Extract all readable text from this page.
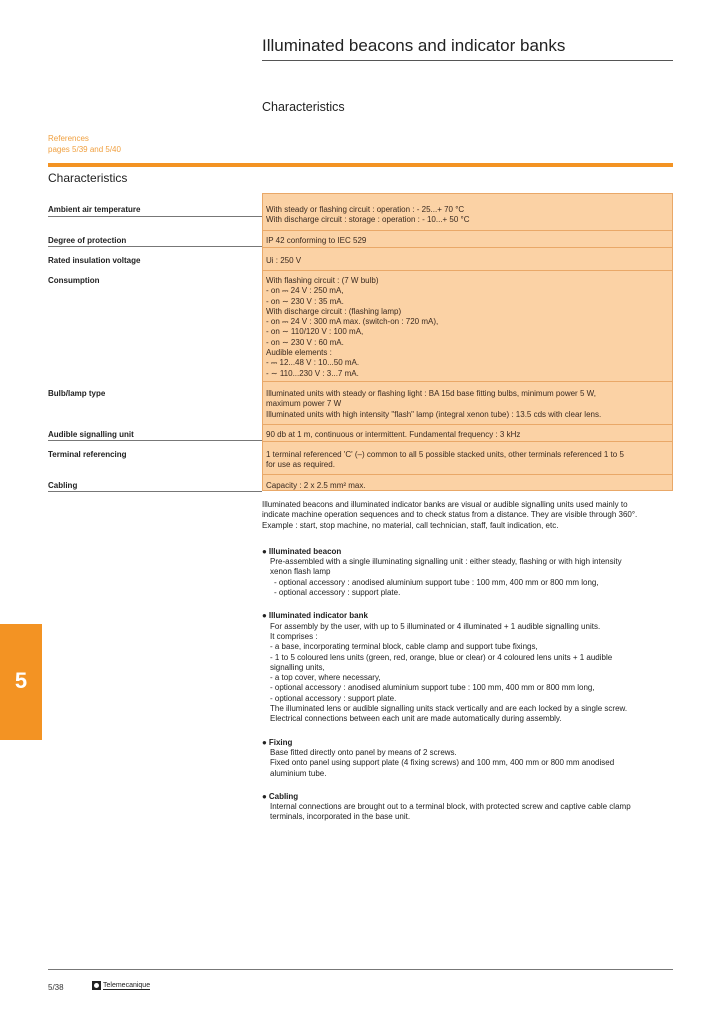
Illuminated beacons and indicator banks
Characteristics
References
pages 5/39 and 5/40
Characteristics
Ambient air temperature	With steady or flashing circuit : operation : - 25...+ 70 °C
With discharge circuit : storage : operation : - 10...+ 50 °C
Degree of protection	IP 42 conforming to IEC 529
Rated insulation voltage	Ui : 250 V
Consumption	With flashing circuit : (7 W bulb)
- on ⎓ 24 V : 250 mA,
- on ∼ 230 V : 35 mA.
With discharge circuit : (flashing lamp)
- on ⎓ 24 V : 300 mA max. (switch-on : 720 mA),
- on ∼ 110/120 V : 100 mA,
- on ∼ 230 V : 60 mA.
Audible elements :
- ⎓ 12...48 V : 10...50 mA.
- ∼ 110...230 V : 3...7 mA.
Bulb/lamp type	Illuminated units with steady or flashing light : BA 15d base fitting bulbs, minimum power 5 W,
maximum power 7 W
Illuminated units with high intensity "flash" lamp (integral xenon tube) : 13.5 cds with clear lens.
Audible signalling unit	90 db at 1 m, continuous or intermittent. Fundamental frequency : 3 kHz
Terminal referencing	1 terminal referenced 'C' (–) common to all 5 possible stacked units, other terminals referenced 1 to 5
for use as required.
Cabling	Capacity : 2 x 2.5 mm² max.
Illuminated beacons and illuminated indicator banks are visual or audible signalling units used mainly to
indicate machine operation sequences and to check status from a distance. They are visible through 360°.
Example : start, stop machine, no material, call technician, staff, fault indication, etc.
● Illuminated beacon
Pre-assembled with a single illuminating signalling unit : either steady, flashing or with high intensity
xenon flash lamp
- optional accessory : anodised aluminium support tube : 100 mm, 400 mm or 800 mm long,
- optional accessory : support plate.
● Illuminated indicator bank
For assembly by the user, with up to 5 illuminated or 4 illuminated + 1 audible signalling units.
It comprises :
- a base, incorporating terminal block, cable clamp and support tube fixings,
- 1 to 5 coloured lens units (green, red, orange, blue or clear) or 4 coloured lens units + 1 audible
signalling units,
- a top cover, where necessary,
- optional accessory : anodised aluminium support tube : 100 mm, 400 mm or 800 mm long,
- optional accessory : support plate.
The illuminated lens or audible signalling units stack vertically and are each locked by a single screw.
Electrical connections between each unit are made automatically during assembly.
● Fixing
Base fitted directly onto panel by means of 2 screws.
Fixed onto panel using support plate (4 fixing screws) and 100 mm, 400 mm or 800 mm anodised
aluminium tube.
● Cabling
Internal connections are brought out to a terminal block, with protected screw and captive cable clamp
terminals, incorporated in the base unit.
5
5/38	Telemecanique
